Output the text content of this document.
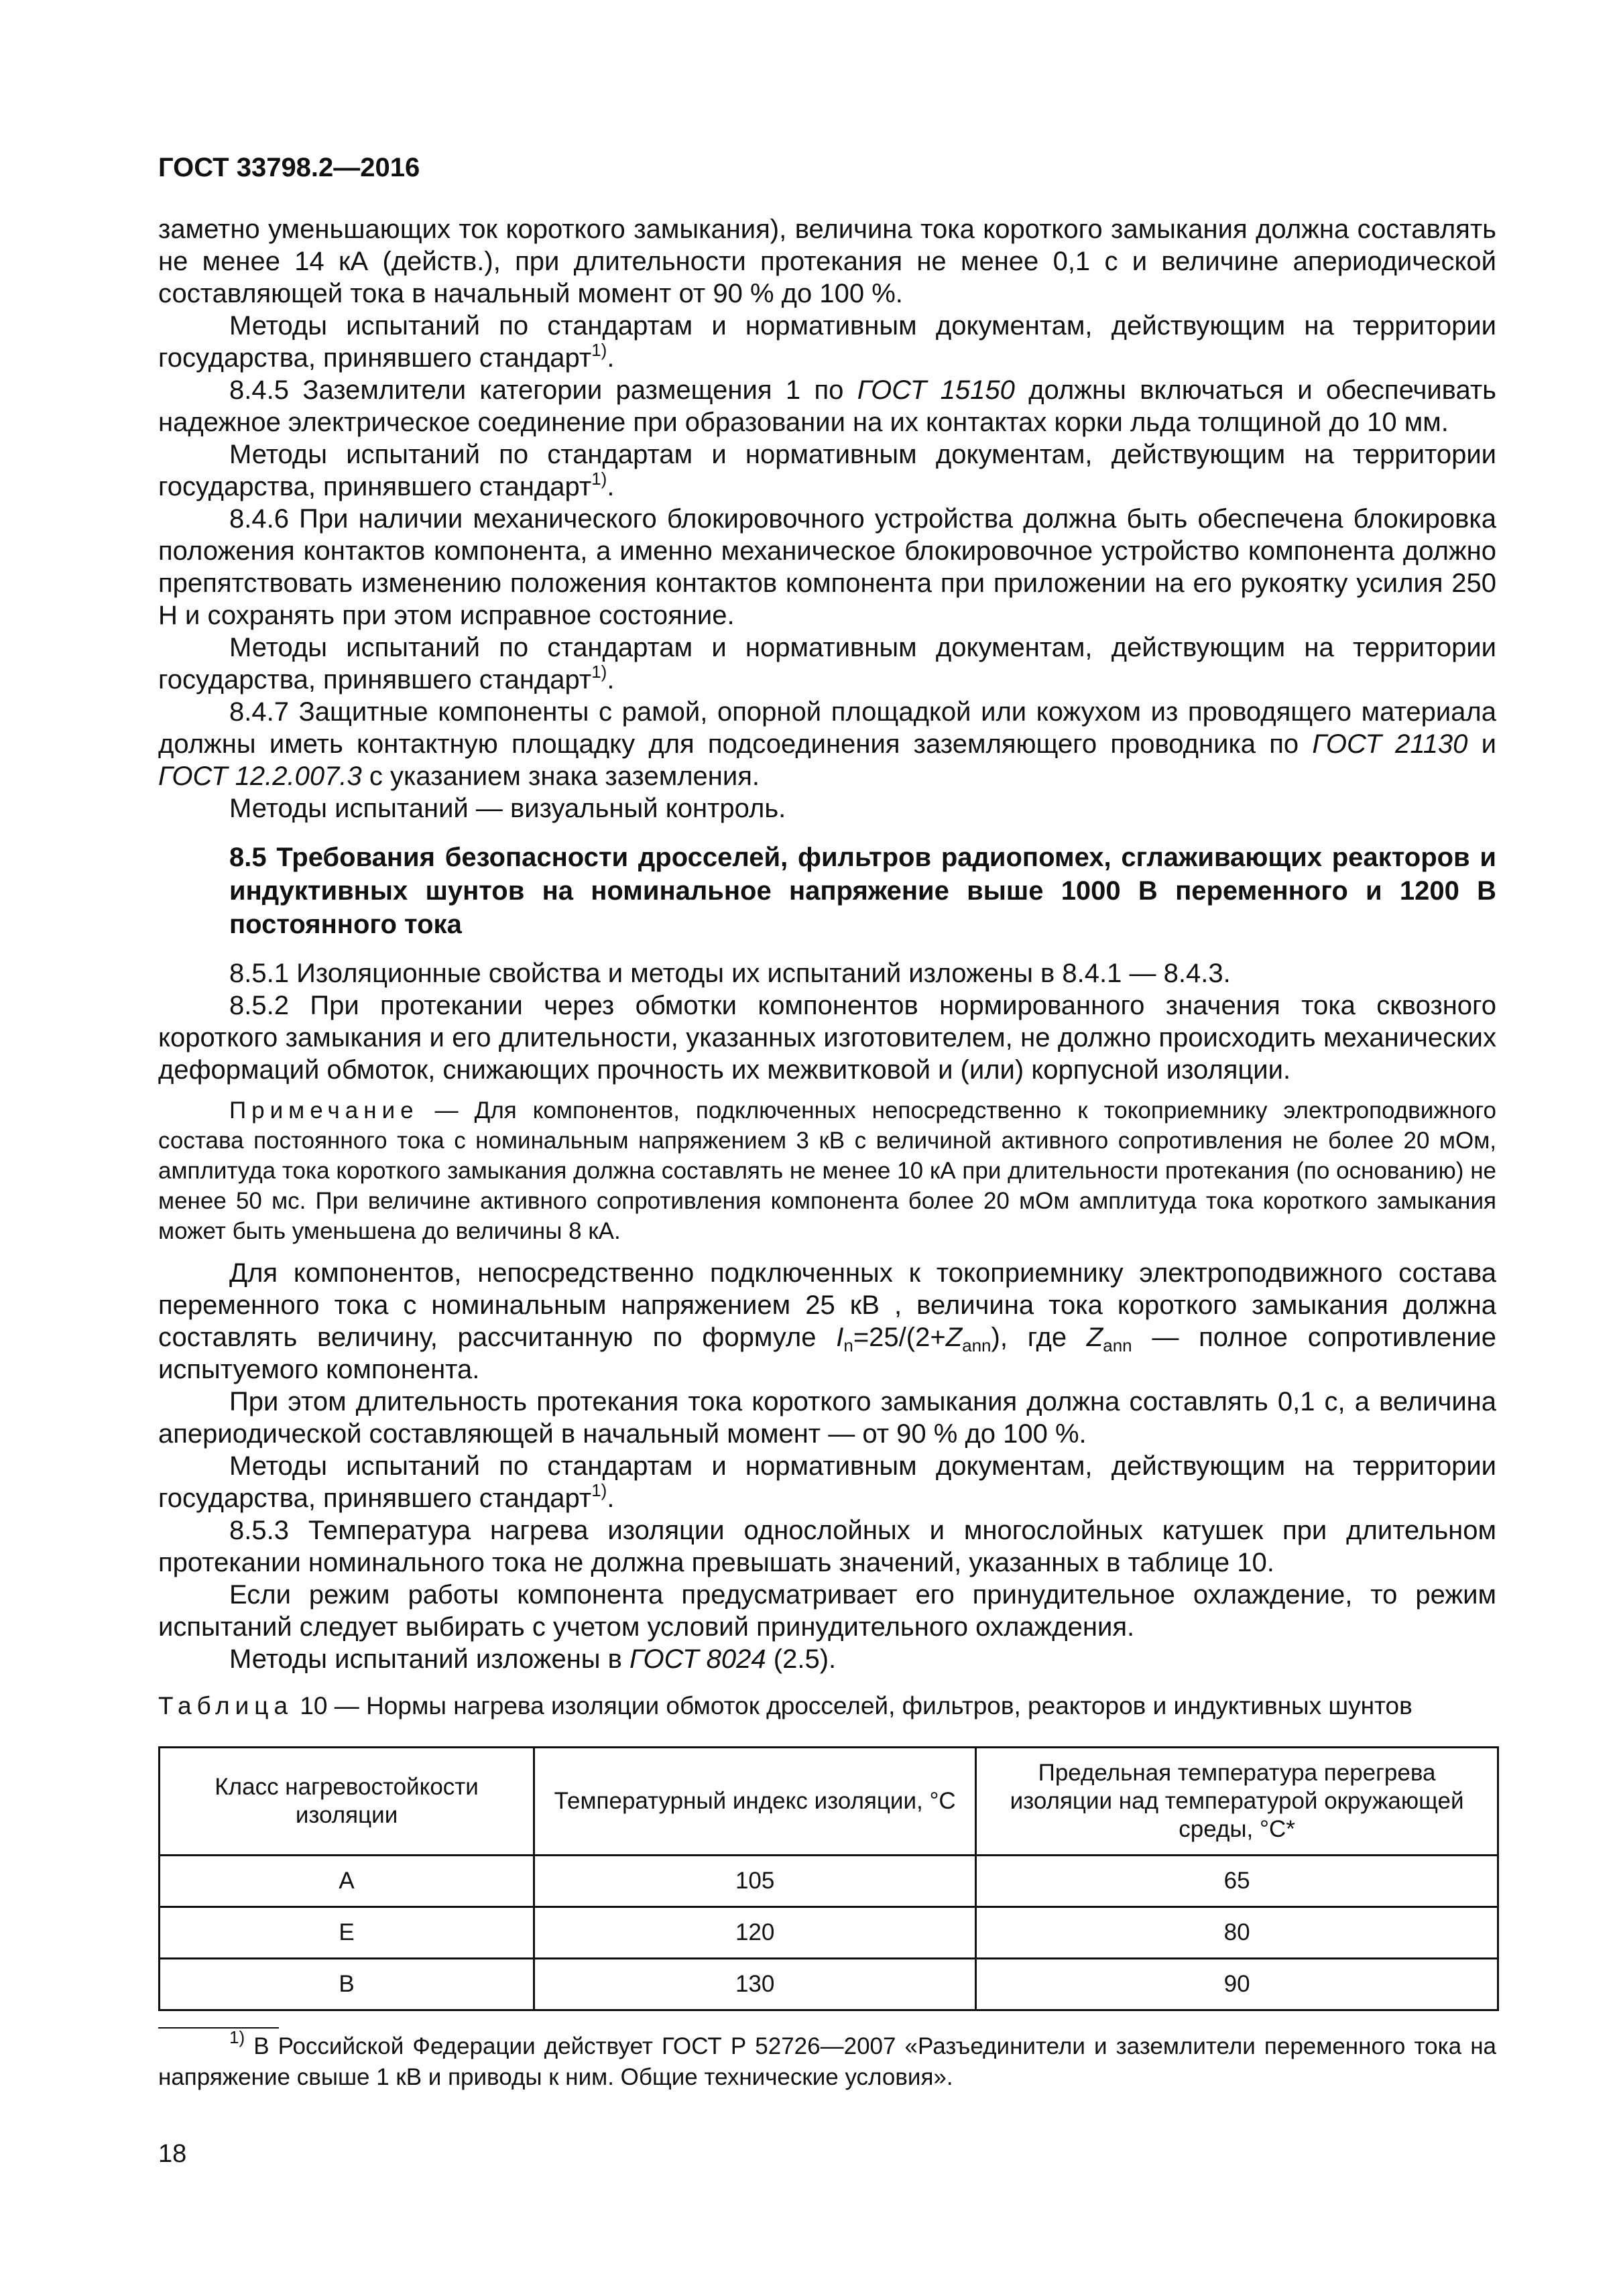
ГОСТ 33798.2—2016

заметно уменьшающих ток короткого замыкания), величина тока короткого замыкания должна составлять не менее 14 кА (действ.), при длительности протекания не менее 0,1 с и величине апериодической составляющей тока в начальный момент от 90 % до 100 %.

Методы испытаний по стандартам и нормативным документам, действующим на территории государства, принявшего стандарт$^{1)}$.

8.4.5 Заземлители категории размещения 1 по ГОСТ 15150 должны включаться и обеспечивать надежное электрическое соединение при образовании на их контактах корки льда толщиной до 10 мм.

Методы испытаний по стандартам и нормативным документам, действующим на территории государства, принявшего стандарт$^{1)}$.

8.4.6 При наличии механического блокировочного устройства должна быть обеспечена блокировка положения контактов компонента, а именно механическое блокировочное устройство компонента должно препятствовать изменению положения контактов компонента при приложении на его рукоятку усилия 250 Н и сохранять при этом исправное состояние.

Методы испытаний по стандартам и нормативным документам, действующим на территории государства, принявшего стандарт$^{1)}$.

8.4.7 Защитные компоненты с рамой, опорной площадкой или кожухом из проводящего материала должны иметь контактную площадку для подсоединения заземляющего проводника по ГОСТ 21130 и ГОСТ 12.2.007.3 с указанием знака заземления.

Методы испытаний — визуальный контроль.

8.5 Требования безопасности дросселей, фильтров радиопомех, сглаживающих реакторов и индуктивных шунтов на номинальное напряжение выше 1000 В переменного и 1200 В постоянного тока

8.5.1 Изоляционные свойства и методы их испытаний изложены в 8.4.1 — 8.4.3.

8.5.2 При протекании через обмотки компонентов нормированного значения тока сквозного короткого замыкания и его длительности, указанных изготовителем, не должно происходить механических деформаций обмоток, снижающих прочность их межвитковой и (или) корпусной изоляции.

Примечание — Для компонентов, подключенных непосредственно к токоприемнику электроподвижного состава постоянного тока с номинальным напряжением 3 кВ с величиной активного сопротивления не более 20 мОм, амплитуда тока короткого замыкания должна составлять не менее 10 кА при длительности протекания (по основанию) не менее 50 мс. При величине активного сопротивления компонента более 20 мОм амплитуда тока короткого замыкания может быть уменьшена до величины 8 кА.

Для компонентов, непосредственно подключенных к токоприемнику электроподвижного состава переменного тока с номинальным напряжением 25 кВ , величина тока короткого замыкания должна составлять величину, рассчитанную по формуле $I_n=25/(2+Z_{ann})$, где $Z_{ann}$ — полное сопротивление испытуемого компонента.

При этом длительность протекания тока короткого замыкания должна составлять 0,1 с, а величина апериодической составляющей в начальный момент — от 90 % до 100 %.

Методы испытаний по стандартам и нормативным документам, действующим на территории государства, принявшего стандарт$^{1)}$.

8.5.3 Температура нагрева изоляции однослойных и многослойных катушек при длительном протекании номинального тока не должна превышать значений, указанных в таблице 10.

Если режим работы компонента предусматривает его принудительное охлаждение, то режим испытаний следует выбирать с учетом условий принудительного охлаждения.

Методы испытаний изложены в ГОСТ 8024 (2.5).

Таблица 10 — Нормы нагрева изоляции обмоток дросселей, фильтров, реакторов и индуктивных шунтов

Класс нагревостойкости изоляции	Температурный индекс изоляции, °С	Предельная температура перегрева изоляции над температурой окружающей среды, °С*
А	105	65
Е	120	80
В	130	90

$^{1)}$ В Российской Федерации действует ГОСТ Р 52726—2007 «Разъединители и заземлители переменного тока на напряжение свыше 1 кВ и приводы к ним. Общие технические условия».

18
